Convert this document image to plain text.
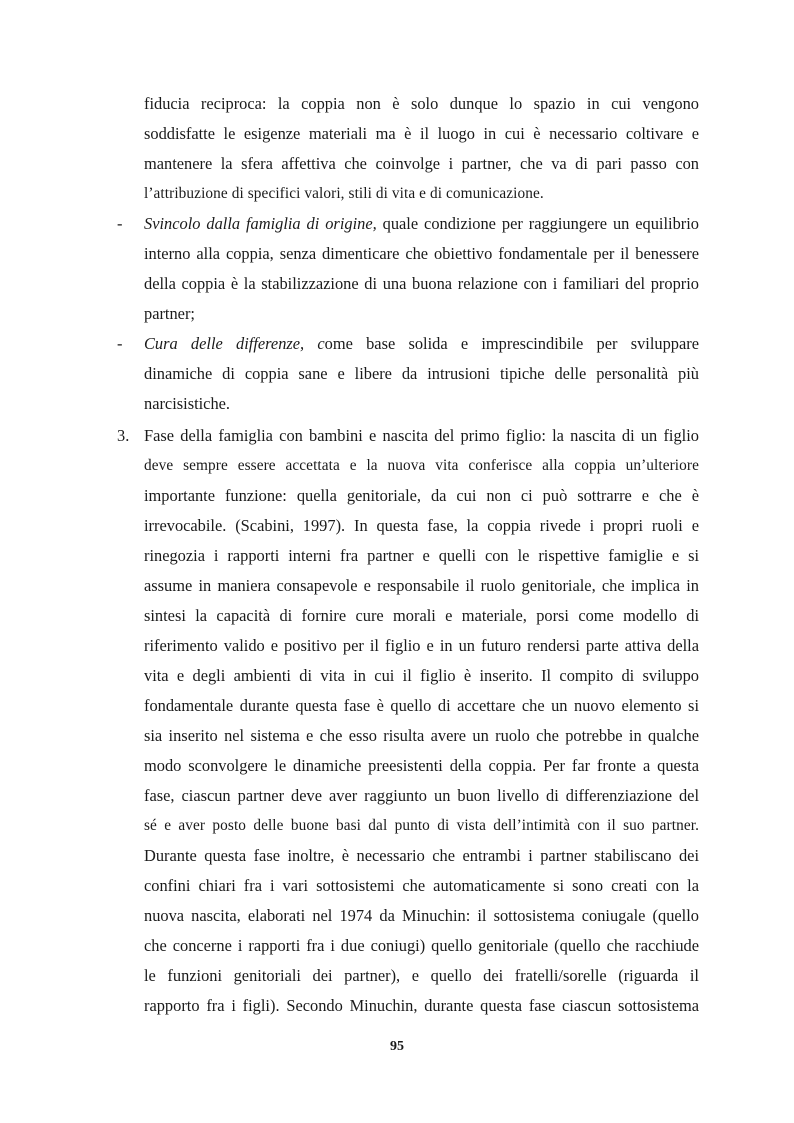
fiducia reciproca: la coppia non è solo dunque lo spazio in cui vengono
soddisfatte le esigenze materiali ma è il luogo in cui è necessario coltivare e
mantenere la sfera affettiva che coinvolge i partner, che va di pari passo con
l’attribuzione di specifici valori, stili di vita e di comunicazione.
- Svincolo dalla famiglia di origine, quale condizione per raggiungere un equilibrio
interno alla coppia, senza dimenticare che obiettivo fondamentale per il benessere
della coppia è la stabilizzazione di una buona relazione con i familiari del proprio
partner;
- Cura delle differenze, come base solida e imprescindibile per sviluppare
dinamiche di coppia sane e libere da intrusioni tipiche delle personalità più
narcisistiche.
3. Fase della famiglia con bambini e nascita del primo figlio: la nascita di un figlio
deve sempre essere accettata e la nuova vita conferisce alla coppia un’ulteriore
importante funzione: quella genitoriale, da cui non ci può sottrarre e che è
irrevocabile. (Scabini, 1997). In questa fase, la coppia rivede i propri ruoli e
rinegozia i rapporti interni fra partner e quelli con le rispettive famiglie e si
assume in maniera consapevole e responsabile il ruolo genitoriale, che implica in
sintesi la capacità di fornire cure morali e materiale, porsi come modello di
riferimento valido e positivo per il figlio e in un futuro rendersi parte attiva della
vita e degli ambienti di vita in cui il figlio è inserito. Il compito di sviluppo
fondamentale durante questa fase è quello di accettare che un nuovo elemento si
sia inserito nel sistema e che esso risulta avere un ruolo che potrebbe in qualche
modo sconvolgere le dinamiche preesistenti della coppia. Per far fronte a questa
fase, ciascun partner deve aver raggiunto un buon livello di differenziazione del
sé e aver posto delle buone basi dal punto di vista dell’intimità con il suo partner.
Durante questa fase inoltre, è necessario che entrambi i partner stabiliscano dei
confini chiari fra i vari sottosistemi che automaticamente si sono creati con la
nuova nascita, elaborati nel 1974 da Minuchin: il sottosistema coniugale (quello
che concerne i rapporti fra i due coniugi) quello genitoriale (quello che racchiude
le funzioni genitoriali dei partner), e quello dei fratelli/sorelle (riguarda il
rapporto fra i figli). Secondo Minuchin, durante questa fase ciascun sottosistema
95
